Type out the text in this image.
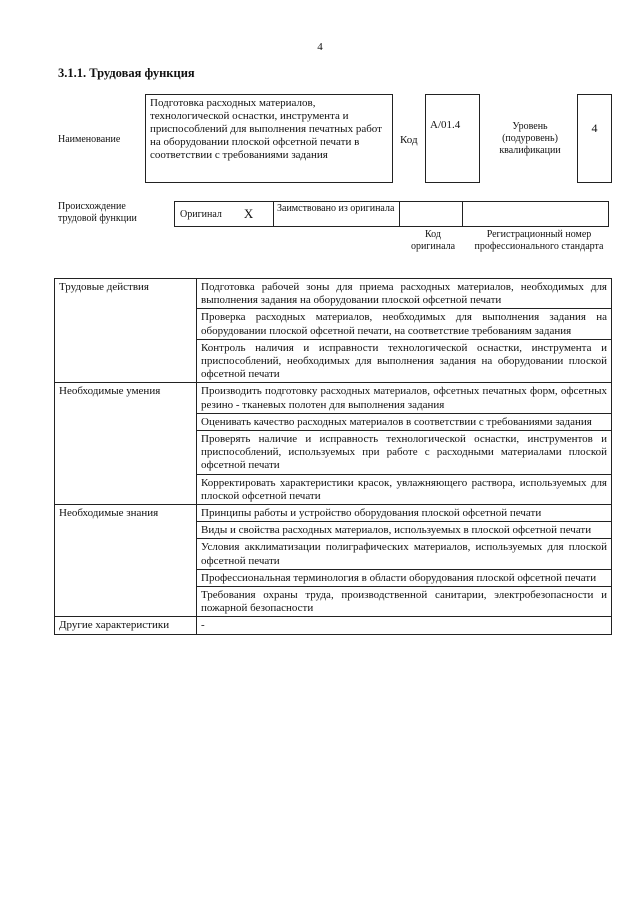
4
3.1.1. Трудовая функция
Наименование
Подготовка расходных материалов, технологической оснастки, инструмента и приспособлений для выполнения печатных работ на оборудовании плоской офсетной печати в соответствии с требованиями задания
Код
A/01.4	Уровень (подуровень) квалификации
4
Происхождение трудовой функции	Оригинал X	Заимствовано из оригинала
Код оригинала
Регистрационный номер профессионального стандарта
Трудовые действия	Подготовка рабочей зоны для приема расходных материалов, необходимых для выполнения задания на оборудовании плоской офсетной печати
	Проверка расходных материалов, необходимых для выполнения задания на оборудовании плоской офсетной печати, на соответствие требованиям задания
	Контроль наличия и исправности технологической оснастки, инструмента и приспособлений, необходимых для выполнения задания на оборудовании плоской офсетной печати
Необходимые умения	Производить подготовку расходных материалов, офсетных печатных форм, офсетных резино - тканевых полотен для выполнения задания
	Оценивать качество расходных материалов в соответствии с требованиями задания
	Проверять наличие и исправность технологической оснастки, инструментов и приспособлений, используемых при работе с расходными материалами плоской офсетной печати
	Корректировать характеристики красок, увлажняющего раствора, используемых для плоской офсетной печати
Необходимые знания	Принципы работы и устройство оборудования плоской офсетной печати
	Виды и свойства расходных материалов, используемых в плоской офсетной печати
	Условия акклиматизации полиграфических материалов, используемых для плоской офсетной печати
	Профессиональная терминология в области оборудования плоской офсетной печати
	Требования охраны труда, производственной санитарии, электробезопасности и пожарной безопасности
Другие характеристики	-
